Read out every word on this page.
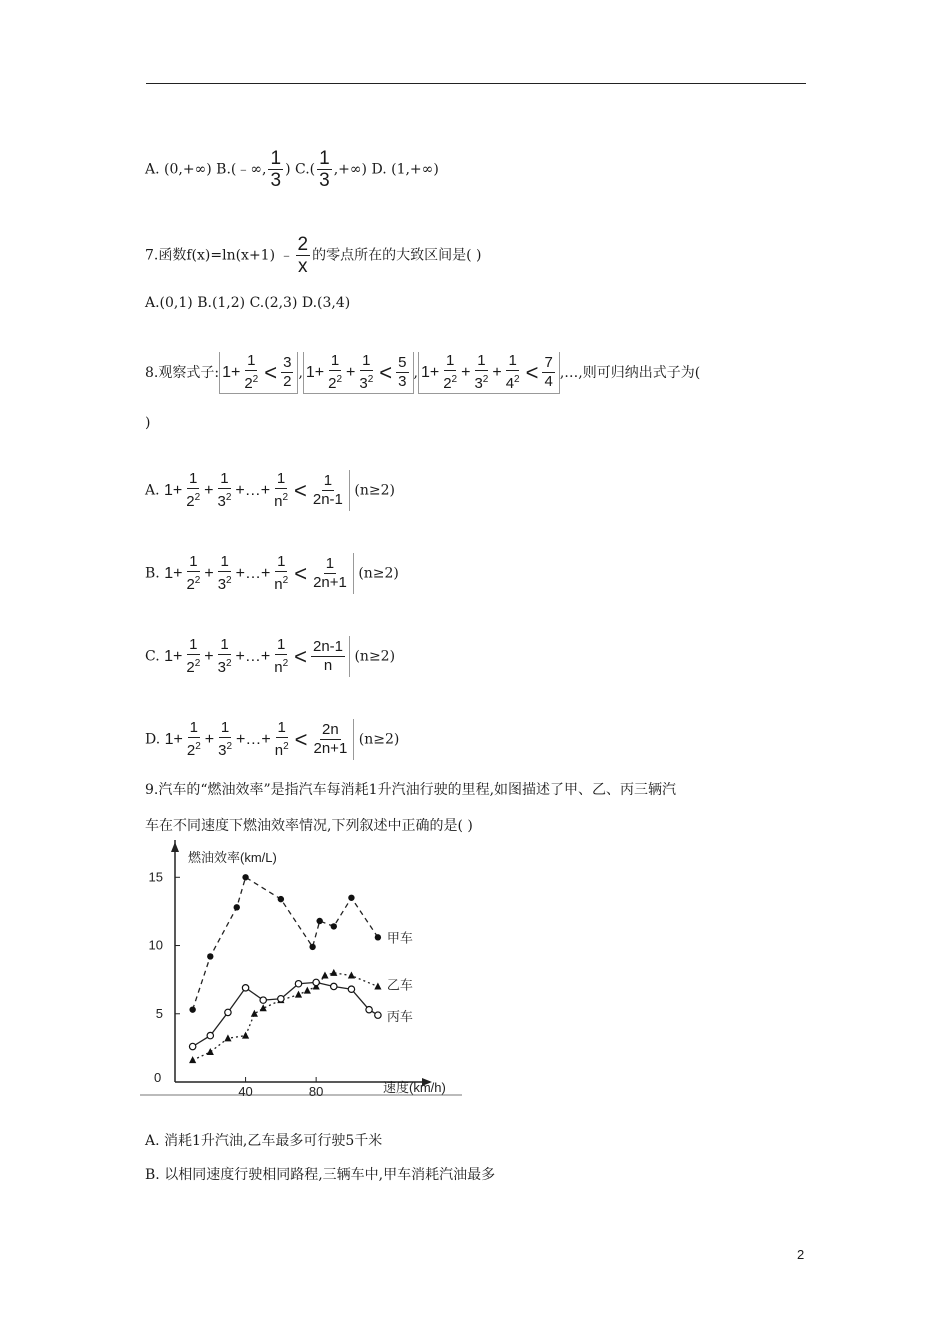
A. (0,+∞) B.(﹣∞, $\frac{1}{3}$ ) $C.( \frac{1}{3}$ ,+∞) D. (1,+∞)
7.函数f(x)=ln(x+1) ﹣ $\frac{2}{x}$ 的零点所在的大致区间是( )
A.(0,1) B.(1,2) C.(2,3) D.(3,4)
8.观察式子: $1+ \frac{1}{2^2} < \frac{3}{2}$ , $1+ \frac{1}{2^2} + \frac{1}{3^2} < \frac{5}{3}$ , $1+ \frac{1}{2^2} + \frac{1}{3^2} + \frac{1}{4^2} < \frac{7}{4}$ ,…,则可归纳出式子为(
)
A. $1+ \frac{1}{2^2} + \frac{1}{3^2}$ +…+ $\frac{1}{n^2} < \frac{1}{2n-1} (n\ge 2)$
B. $1+ \frac{1}{2^2} + \frac{1}{3^2}$ +…+ $\frac{1}{n^2} < \frac{1}{2n+1} (n\ge 2)$
C. $1+ \frac{1}{2^2} + \frac{1}{3^2}$ +…+ $\frac{1}{n^2} < \frac{2n-1}{n} (n\ge 2)$
D. $1+ \frac{1}{2^2} + \frac{1}{3^2}$ +…+ $\frac{1}{n^2} < \frac{2n}{2n+1} (n\ge 2)$
9.汽车的“燃油效率”是指汽车每消耗1升汽油行驶的里程,如图描述了甲、乙、丙三辆汽
车在不同速度下燃油效率情况,下列叙述中正确的是( )
燃油效率(km/L)
速度(km/h)
0
40	80
5
10
15
甲车
乙车
丙车
A. 消耗1升汽油,乙车最多可行驶5千米
B. 以相同速度行驶相同路程,三辆车中,甲车消耗汽油最多
2
